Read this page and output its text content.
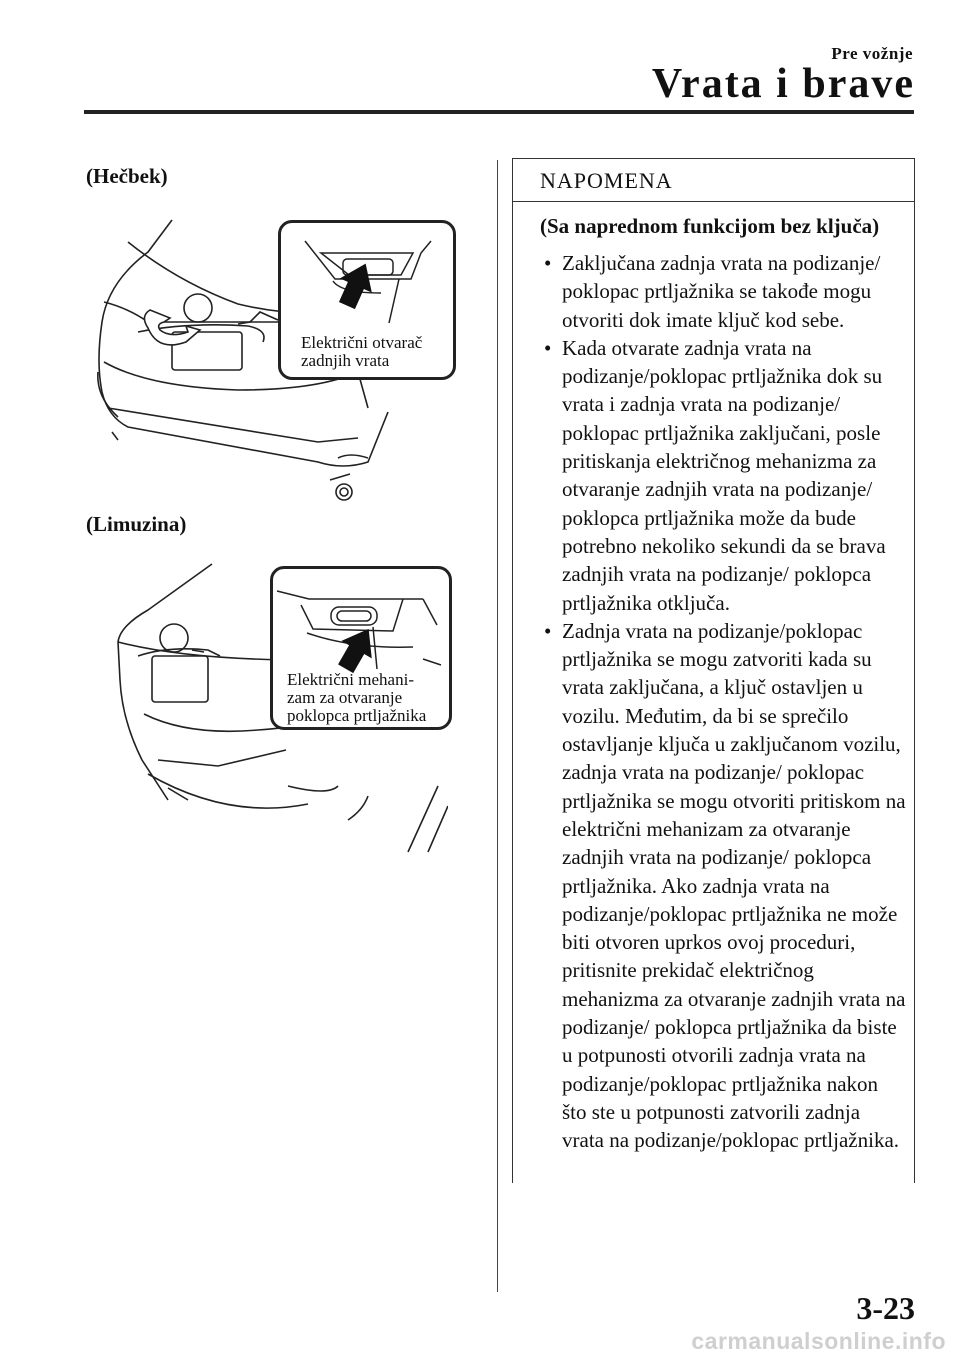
Pre vožnje
Vrata i brave
(Hečbek)
Električni otvarač
zadnjih vrata
(Limuzina)
Električni mehani-
zam za otvaranje
poklopca prtljažnika
NAPOMENA
(Sa naprednom funkcijom bez ključa)
• Zaključana zadnja vrata na podizanje/ poklopac prtljažnika se takođe mogu otvoriti dok imate ključ kod sebe.
• Kada otvarate zadnja vrata na podizanje/poklopac prtljažnika dok su vrata i zadnja vrata na podizanje/ poklopac prtljažnika zaključani, posle pritiskanja električnog mehanizma za otvaranje zadnjih vrata na podizanje/ poklopca prtljažnika može da bude potrebno nekoliko sekundi da se brava zadnjih vrata na podizanje/ poklopca prtljažnika otključa.
• Zadnja vrata na podizanje/poklopac prtljažnika se mogu zatvoriti kada su vrata zaključana, a ključ ostavljen u vozilu. Međutim, da bi se sprečilo ostavljanje ključa u zaključanom vozilu, zadnja vrata na podizanje/ poklopac prtljažnika se mogu otvoriti pritiskom na električni mehanizam za otvaranje zadnjih vrata na podizanje/ poklopca prtljažnika. Ako zadnja vrata na podizanje/poklopac prtljažnika ne može biti otvoren uprkos ovoj proceduri, pritisnite prekidač električnog mehanizma za otvaranje zadnjih vrata na podizanje/ poklopca prtljažnika da biste u potpunosti otvorili zadnja vrata na podizanje/poklopac prtljažnika nakon što ste u potpunosti zatvorili zadnja vrata na podizanje/poklopac prtljažnika.
3-23
carmanualsonline.info
